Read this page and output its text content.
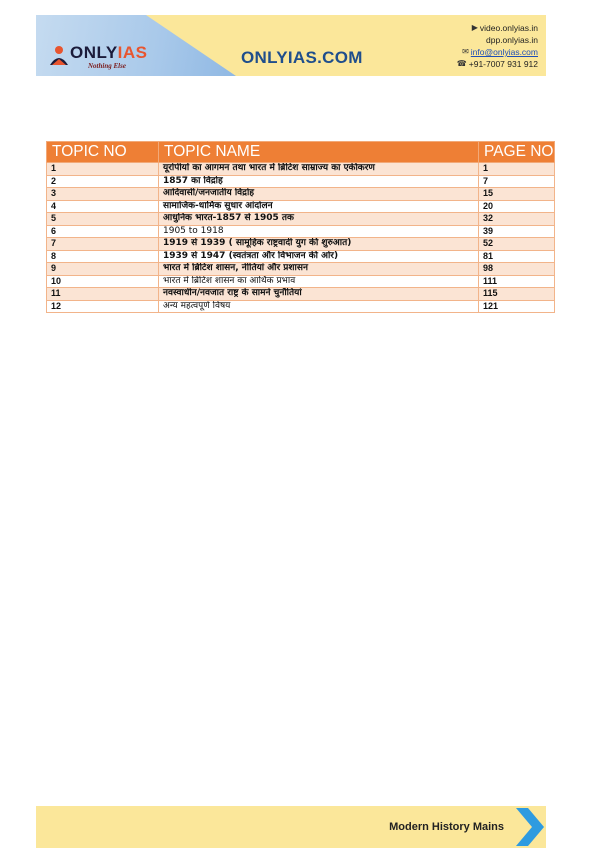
ONLYIAS
Nothing Else	ONLYIAS.COM
▶ video.onlyias.in
dpp.onlyias.in
✉ info@onlyias.com
☎ +91-7007 931 912
TOPIC NO	TOPIC NAME	PAGE NO
1	यूरोपीयों का आगमन तथा भारत में ब्रिटिश साम्राज्य का एकीकरण	1
2	1857 का विद्रोह	7
3	आदिवासी/जनजातीय विद्रोह	15
4	सामाजिक-धार्मिक सुधार आंदोलन	20
5	आधुनिक भारत-1857 से 1905 तक	32
6	1905 to 1918	39
7	1919 से 1939 ( सामूहिक राष्ट्रवादी युग की शुरुआत)	52
8	1939 से 1947 (स्वतंत्रता और विभाजन की ओर)	81
9	भारत में ब्रिटिश शासन, नीतियां और प्रशासन	98
10	भारत में ब्रिटिश शासन का आर्थिक प्रभाव	111
11	नवस्वाधीन/नवजात राष्ट्र के सामने चुनौतियां	115
12	अन्य महत्वपूर्ण विषय	121
Modern History Mains
